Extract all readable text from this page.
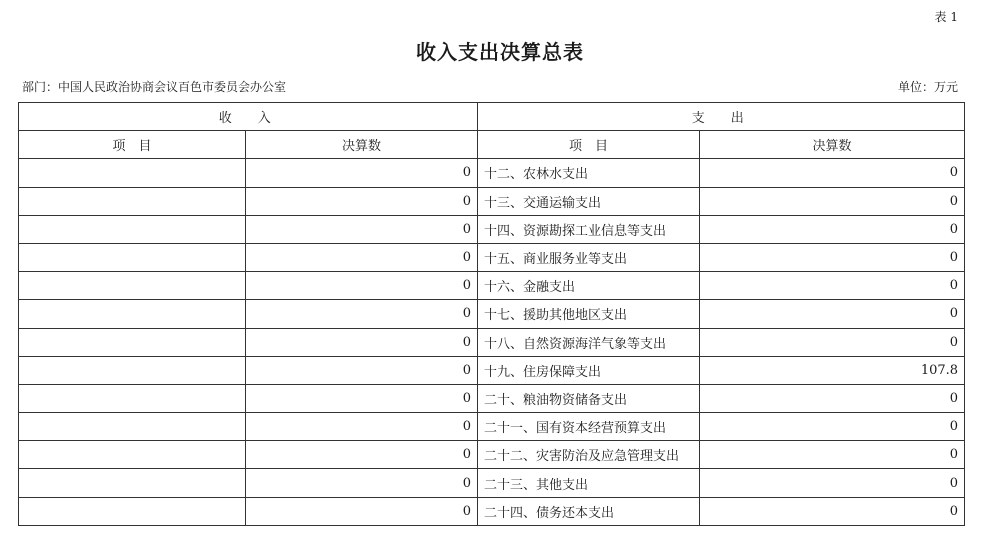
表 1
收入支出决算总表
部门：中国人民政治协商会议百色市委员会办公室	单位：万元
收　入		支　出	
项　目	决算数	项　目	决算数
	0	十二、农林水支出	0
	0	十三、交通运输支出	0
	0	十四、资源勘探工业信息等支出	0
	0	十五、商业服务业等支出	0
	0	十六、金融支出	0
	0	十七、援助其他地区支出	0
	0	十八、自然资源海洋气象等支出	0
	0	十九、住房保障支出	107.8
	0	二十、粮油物资储备支出	0
	0	二十一、国有资本经营预算支出	0
	0	二十二、灾害防治及应急管理支出	0
	0	二十三、其他支出	0
	0	二十四、债务还本支出	0
